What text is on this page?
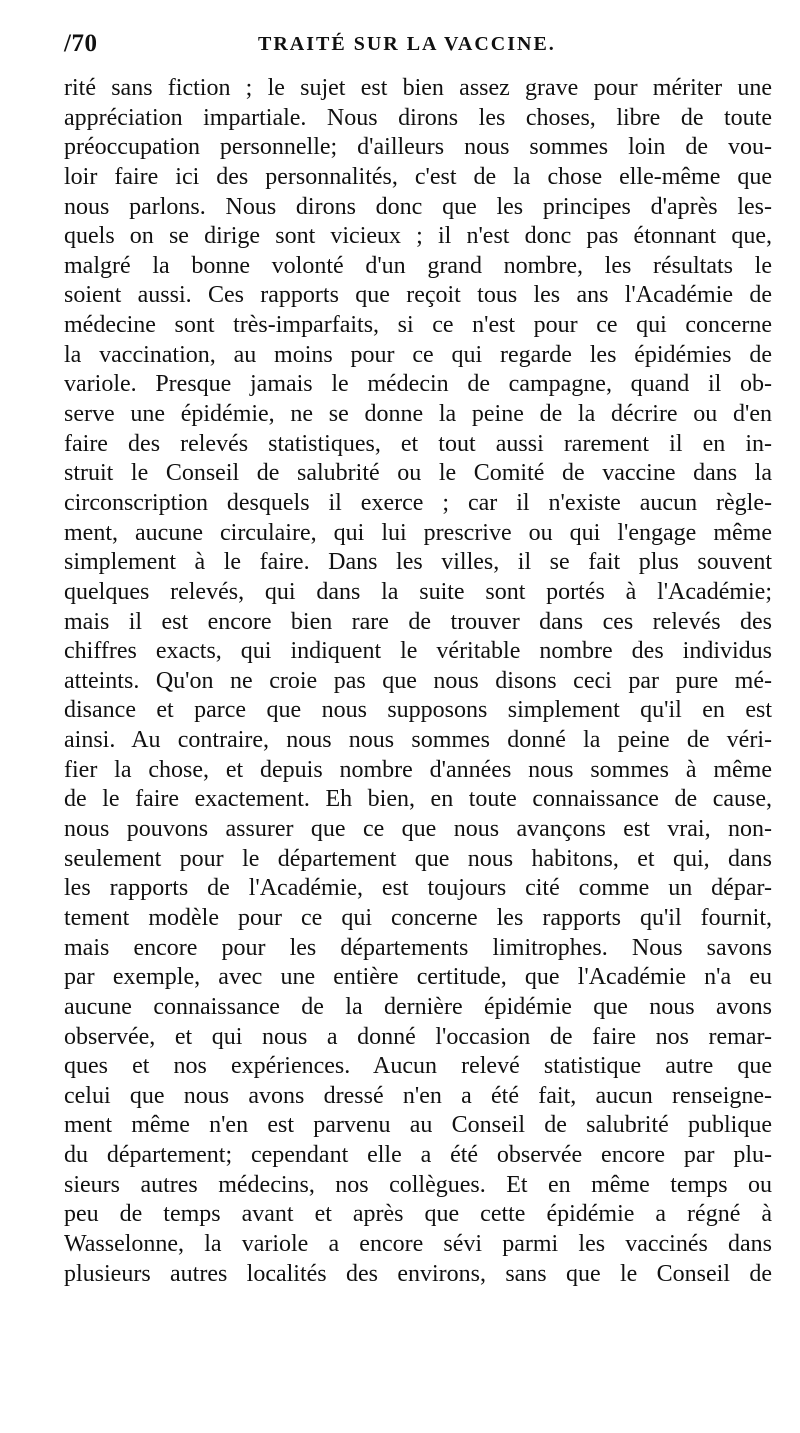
/70	TRAITÉ SUR LA VACCINE.
rité sans fiction ; le sujet est bien assez grave pour mériter une
appréciation impartiale. Nous dirons les choses, libre de toute
préoccupation personnelle; d'ailleurs nous sommes loin de vou-
loir faire ici des personnalités, c'est de la chose elle-même que
nous parlons. Nous dirons donc que les principes d'après les-
quels on se dirige sont vicieux ; il n'est donc pas étonnant que,
malgré la bonne volonté d'un grand nombre, les résultats le
soient aussi. Ces rapports que reçoit tous les ans l'Académie de
médecine sont très-imparfaits, si ce n'est pour ce qui concerne
la vaccination, au moins pour ce qui regarde les épidémies de
variole. Presque jamais le médecin de campagne, quand il ob-
serve une épidémie, ne se donne la peine de la décrire ou d'en
faire des relevés statistiques, et tout aussi rarement il en in-
struit le Conseil de salubrité ou le Comité de vaccine dans la
circonscription desquels il exerce ; car il n'existe aucun règle-
ment, aucune circulaire, qui lui prescrive ou qui l'engage même
simplement à le faire. Dans les villes, il se fait plus souvent
quelques relevés, qui dans la suite sont portés à l'Académie;
mais il est encore bien rare de trouver dans ces relevés des
chiffres exacts, qui indiquent le véritable nombre des individus
atteints. Qu'on ne croie pas que nous disons ceci par pure mé-
disance et parce que nous supposons simplement qu'il en est
ainsi. Au contraire, nous nous sommes donné la peine de véri-
fier la chose, et depuis nombre d'années nous sommes à même
de le faire exactement. Eh bien, en toute connaissance de cause,
nous pouvons assurer que ce que nous avançons est vrai, non-
seulement pour le département que nous habitons, et qui, dans
les rapports de l'Académie, est toujours cité comme un dépar-
tement modèle pour ce qui concerne les rapports qu'il fournit,
mais encore pour les départements limitrophes. Nous savons
par exemple, avec une entière certitude, que l'Académie n'a eu
aucune connaissance de la dernière épidémie que nous avons
observée, et qui nous a donné l'occasion de faire nos remar-
ques et nos expériences. Aucun relevé statistique autre que
celui que nous avons dressé n'en a été fait, aucun renseigne-
ment même n'en est parvenu au Conseil de salubrité publique
du département; cependant elle a été observée encore par plu-
sieurs autres médecins, nos collègues. Et en même temps ou
peu de temps avant et après que cette épidémie a régné à
Wasselonne, la variole a encore sévi parmi les vaccinés dans
plusieurs autres localités des environs, sans que le Conseil de
